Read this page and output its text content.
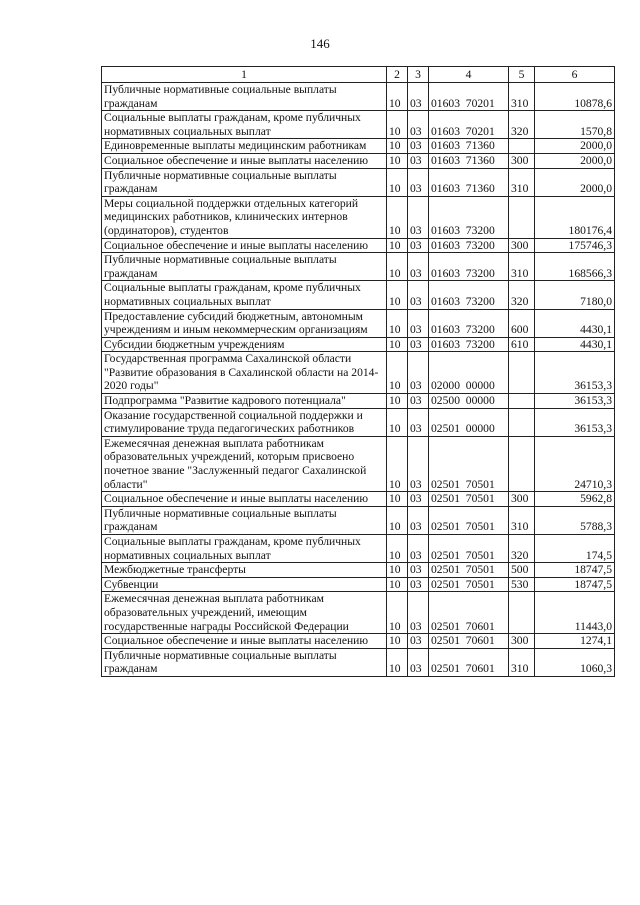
146
1	2	3	4	5	6
Публичные нормативные социальные выплаты гражданам	10	03	01603  70201	310	10878,6
Социальные выплаты гражданам, кроме публичных нормативных социальных выплат	10	03	01603  70201	320	1570,8
Единовременные выплаты медицинским работникам	10	03	01603  71360		2000,0
Социальное обеспечение и иные выплаты населению	10	03	01603  71360	300	2000,0
Публичные нормативные социальные выплаты гражданам	10	03	01603  71360	310	2000,0
Меры социальной поддержки отдельных категорий медицинских работников, клинических интернов (ординаторов), студентов	10	03	01603  73200		180176,4
Социальное обеспечение и иные выплаты населению	10	03	01603  73200	300	175746,3
Публичные нормативные социальные выплаты гражданам	10	03	01603  73200	310	168566,3
Социальные выплаты гражданам, кроме публичных нормативных социальных выплат	10	03	01603  73200	320	7180,0
Предоставление субсидий бюджетным, автономным учреждениям и иным некоммерческим организациям	10	03	01603  73200	600	4430,1
Субсидии бюджетным учреждениям	10	03	01603  73200	610	4430,1
Государственная программа Сахалинской области "Развитие образования в Сахалинской области на 2014-2020 годы"	10	03	02000  00000		36153,3
Подпрограмма "Развитие кадрового потенциала"	10	03	02500  00000		36153,3
Оказание государственной социальной поддержки и стимулирование труда педагогических работников	10	03	02501  00000		36153,3
Ежемесячная денежная выплата работникам образовательных учреждений, которым присвоено почетное звание "Заслуженный педагог Сахалинской области"	10	03	02501  70501		24710,3
Социальное обеспечение и иные выплаты населению	10	03	02501  70501	300	5962,8
Публичные нормативные социальные выплаты гражданам	10	03	02501  70501	310	5788,3
Социальные выплаты гражданам, кроме публичных нормативных социальных выплат	10	03	02501  70501	320	174,5
Межбюджетные трансферты	10	03	02501  70501	500	18747,5
Субвенции	10	03	02501  70501	530	18747,5
Ежемесячная денежная выплата работникам образовательных учреждений, имеющим государственные награды Российской Федерации	10	03	02501  70601		11443,0
Социальное обеспечение и иные выплаты населению	10	03	02501  70601	300	1274,1
Публичные нормативные социальные выплаты гражданам	10	03	02501  70601	310	1060,3
